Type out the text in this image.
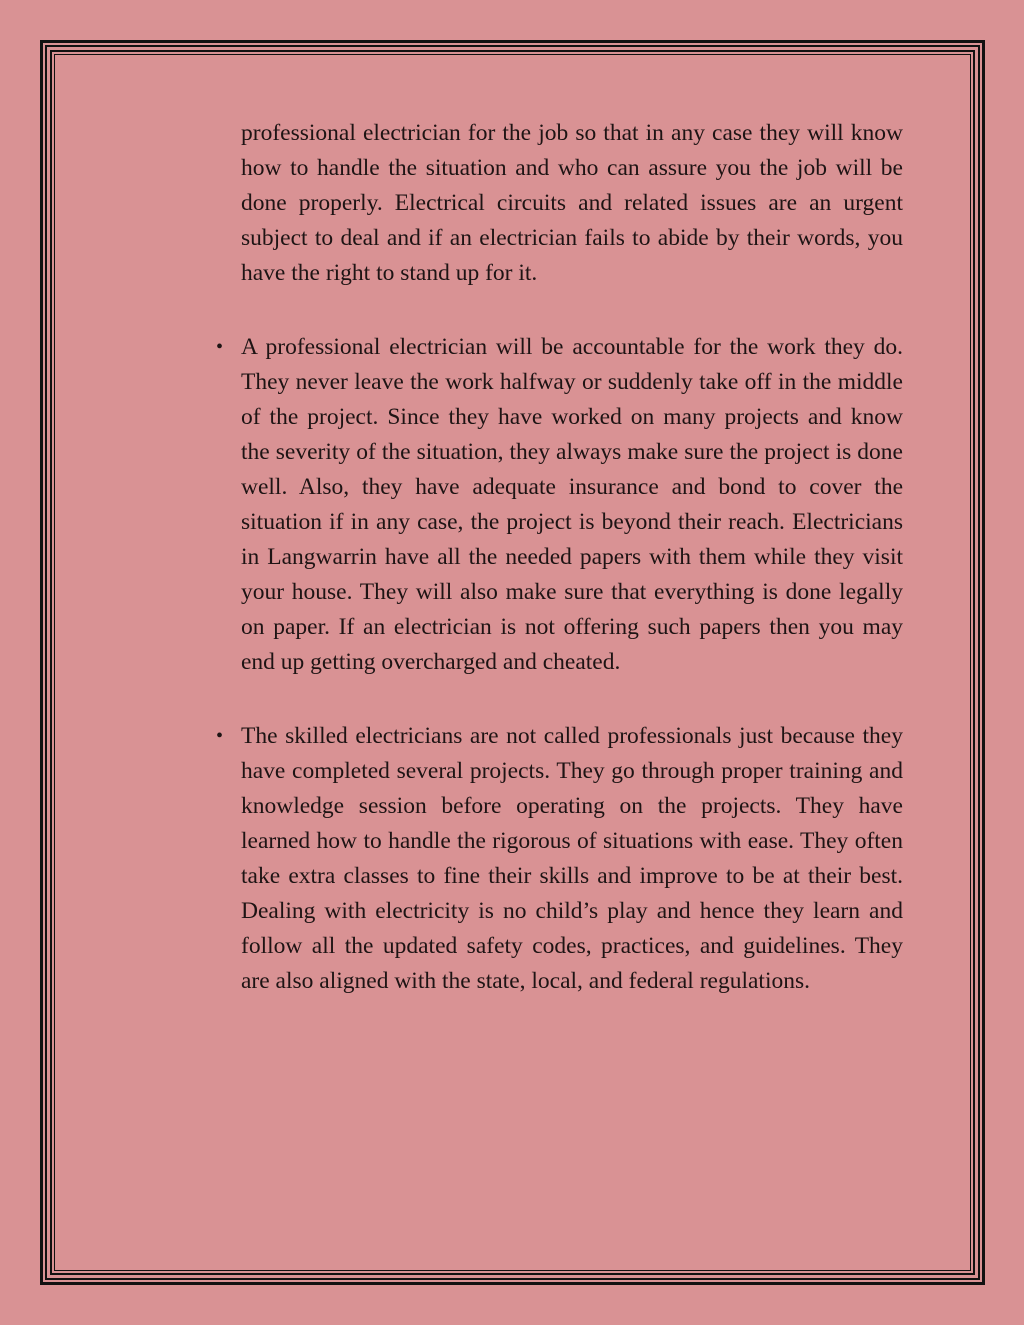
professional electrician for the job so that in any case they will know how to handle the situation and who can assure you the job will be done properly. Electrical circuits and related issues are an urgent subject to deal and if an electrician fails to abide by their words, you have the right to stand up for it.

• A professional electrician will be accountable for the work they do. They never leave the work halfway or suddenly take off in the middle of the project. Since they have worked on many projects and know the severity of the situation, they always make sure the project is done well. Also, they have adequate insurance and bond to cover the situation if in any case, the project is beyond their reach. Electricians in Langwarrin have all the needed papers with them while they visit your house. They will also make sure that everything is done legally on paper. If an electrician is not offering such papers then you may end up getting overcharged and cheated.
• The skilled electricians are not called professionals just because they have completed several projects. They go through proper training and knowledge session before operating on the projects. They have learned how to handle the rigorous of situations with ease. They often take extra classes to fine their skills and improve to be at their best. Dealing with electricity is no child’s play and hence they learn and follow all the updated safety codes, practices, and guidelines. They are also aligned with the state, local, and federal regulations.
